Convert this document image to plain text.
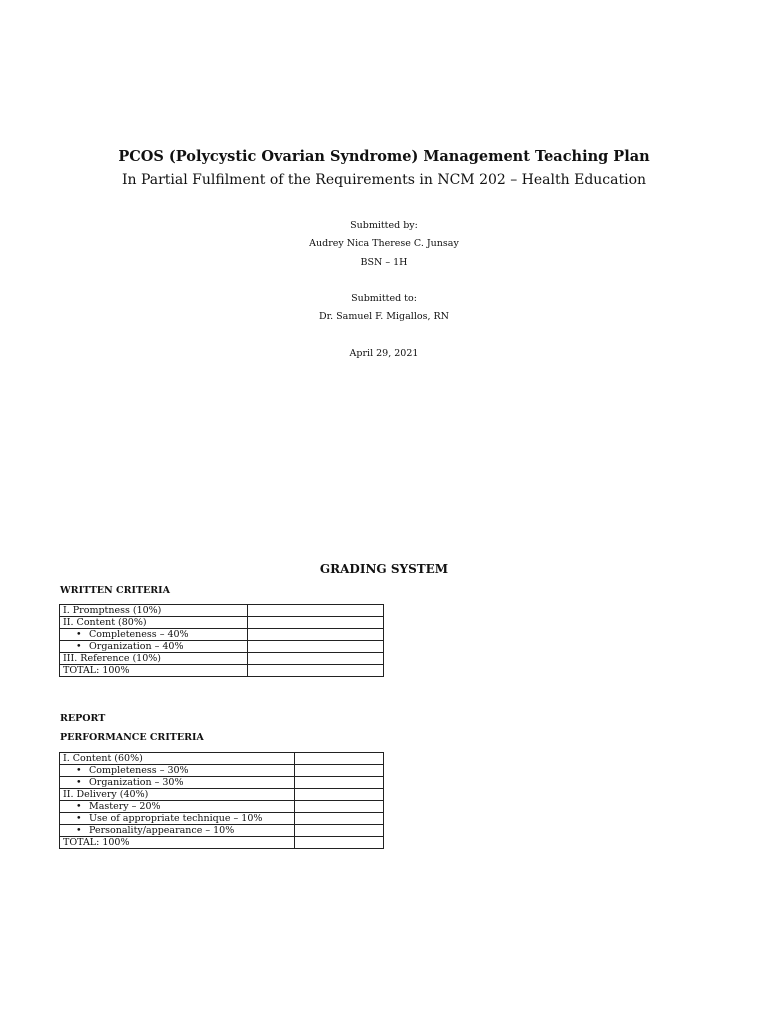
PCOS (Polycystic Ovarian Syndrome) Management Teaching Plan
In Partial Fulfilment of the Requirements in NCM 202 – Health Education
Submitted by:
Audrey Nica Therese C. Junsay
BSN – 1H
Submitted to:
Dr. Samuel F. Migallos, RN
April 29, 2021
GRADING SYSTEM
WRITTEN CRITERIA
I. Promptness (10%)	
II. Content (80%)	
• Completeness – 40%	
• Organization – 40%	
III. Reference (10%)	
TOTAL: 100%	
REPORT
PERFORMANCE CRITERIA
I. Content (60%)	
• Completeness – 30%	
• Organization – 30%	
II. Delivery (40%)	
• Mastery – 20%	
• Use of appropriate technique – 10%	
• Personality/appearance – 10%	
TOTAL: 100%	
